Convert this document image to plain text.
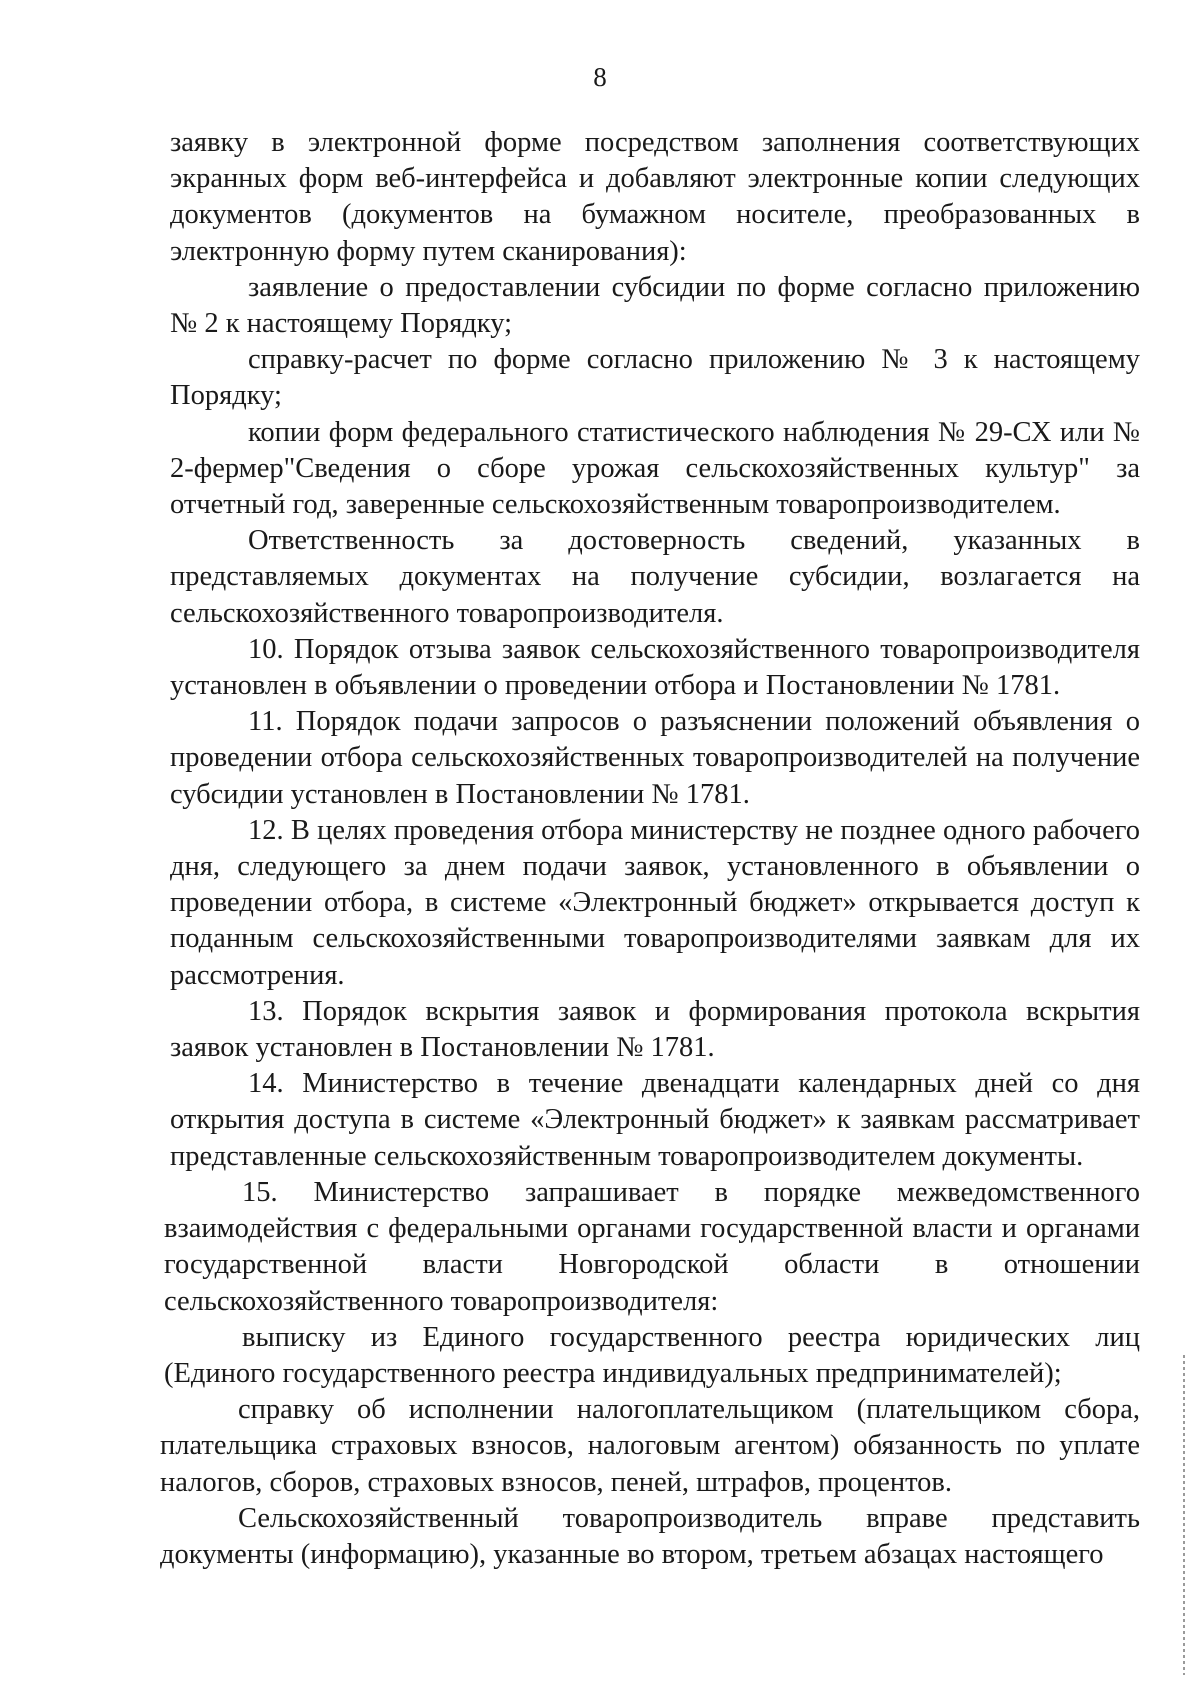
8

заявку в электронной форме посредством заполнения соответствующих экранных форм веб-интерфейса и добавляют электронные копии следующих документов (документов на бумажном носителе, преобразованных в электронную форму путем сканирования):

заявление о предоставлении субсидии по форме согласно приложению № 2 к настоящему Порядку;

справку-расчет по форме согласно приложению № 3 к настоящему Порядку;

копии форм федерального статистического наблюдения № 29-СХ или № 2-фермер"Сведения о сборе урожая сельскохозяйственных культур" за отчетный год, заверенные сельскохозяйственным товаропроизводителем.

Ответственность за достоверность сведений, указанных в представляемых документах на получение субсидии, возлагается на сельскохозяйственного товаропроизводителя.

10. Порядок отзыва заявок сельскохозяйственного товаропроизводителя установлен в объявлении о проведении отбора и Постановлении № 1781.

11. Порядок подачи запросов о разъяснении положений объявления о проведении отбора сельскохозяйственных товаропроизводителей на получение субсидии установлен в Постановлении № 1781.

12. В целях проведения отбора министерству не позднее одного рабочего дня, следующего за днем подачи заявок, установленного в объявлении о проведении отбора, в системе «Электронный бюджет» открывается доступ к поданным сельскохозяйственными товаропроизводителями заявкам для их рассмотрения.

13. Порядок вскрытия заявок и формирования протокола вскрытия заявок установлен в Постановлении № 1781.

14. Министерство в течение двенадцати календарных дней со дня открытия доступа в системе «Электронный бюджет» к заявкам рассматривает представленные сельскохозяйственным товаропроизводителем документы.

15. Министерство запрашивает в порядке межведомственного взаимодействия с федеральными органами государственной власти и органами государственной власти Новгородской области в отношении сельскохозяйственного товаропроизводителя:

выписку из Единого государственного реестра юридических лиц (Единого государственного реестра индивидуальных предпринимателей);

справку об исполнении налогоплательщиком (плательщиком сбора, плательщика страховых взносов, налоговым агентом) обязанность по уплате налогов, сборов, страховых взносов, пеней, штрафов, процентов.

Сельскохозяйственный товаропроизводитель вправе представить документы (информацию), указанные во втором, третьем абзацах настоящего
